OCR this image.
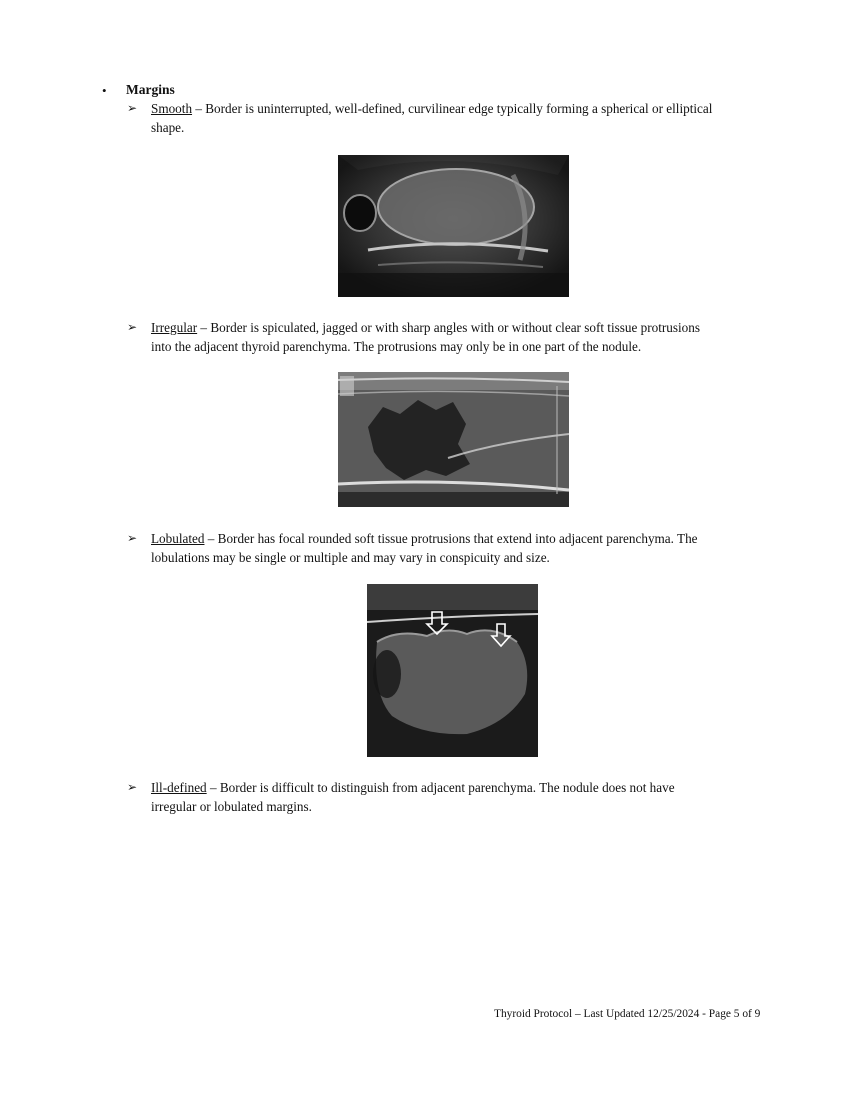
• Margins
➢ Smooth – Border is uninterrupted, well-defined, curvilinear edge typically forming a spherical or elliptical
shape.
➢ Irregular – Border is spiculated, jagged or with sharp angles with or without clear soft tissue protrusions
into the adjacent thyroid parenchyma. The protrusions may only be in one part of the nodule.
➢ Lobulated – Border has focal rounded soft tissue protrusions that extend into adjacent parenchyma. The
lobulations may be single or multiple and may vary in conspicuity and size.
➢ Ill-defined – Border is difficult to distinguish from adjacent parenchyma. The nodule does not have
irregular or lobulated margins.
Thyroid Protocol – Last Updated 12/25/2024 - Page 5 of 9
